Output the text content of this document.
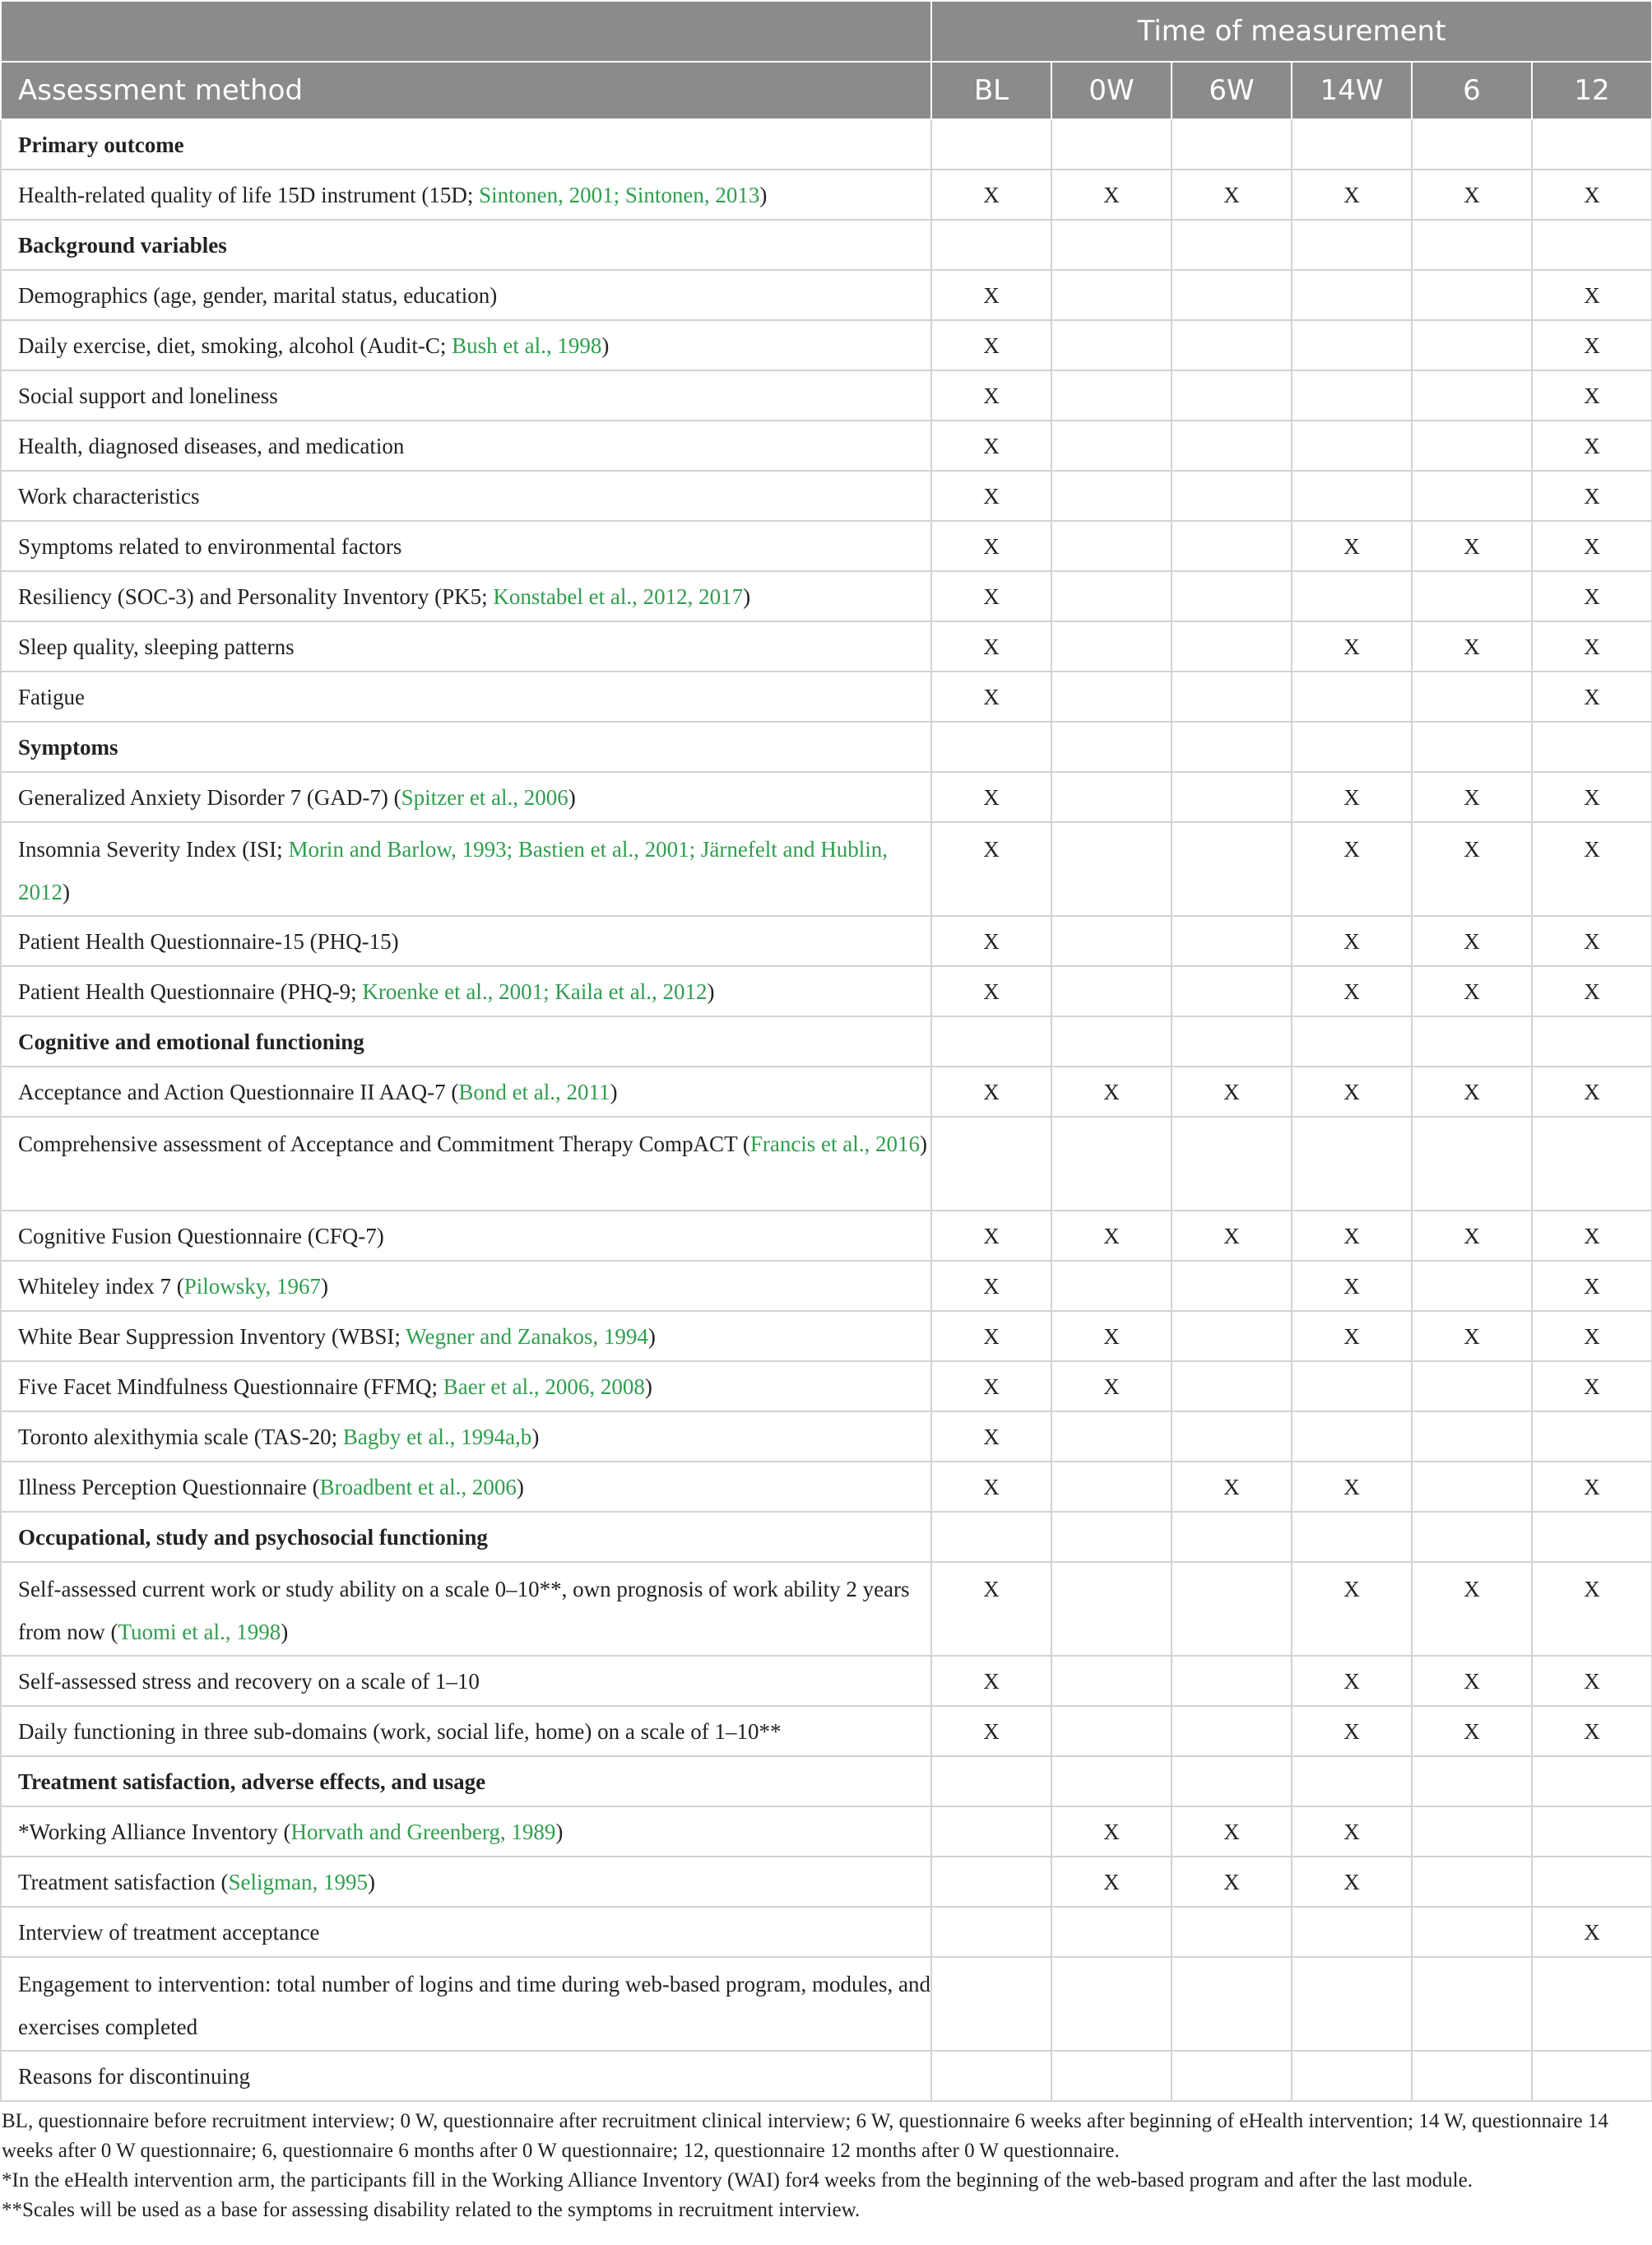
	Time of measurement					
Assessment method	BL	0W	6W	14W	6	12
Primary outcome						
Health-related quality of life 15D instrument (15D; Sintonen, 2001; Sintonen, 2013)	X	X	X	X	X	X
Background variables						
Demographics (age, gender, marital status, education)	X					X
Daily exercise, diet, smoking, alcohol (Audit-C; Bush et al., 1998)	X					X
Social support and loneliness	X					X
Health, diagnosed diseases, and medication	X					X
Work characteristics	X					X
Symptoms related to environmental factors	X			X	X	X
Resiliency (SOC-3) and Personality Inventory (PK5; Konstabel et al., 2012, 2017)	X					X
Sleep quality, sleeping patterns	X			X	X	X
Fatigue	X					X
Symptoms						
Generalized Anxiety Disorder 7 (GAD-7) (Spitzer et al., 2006)	X			X	X	X
Insomnia Severity Index (ISI; Morin and Barlow, 1993; Bastien et al., 2001; Järnefelt and Hublin, 2012)	X			X	X	X
Patient Health Questionnaire-15 (PHQ-15)	X			X	X	X
Patient Health Questionnaire (PHQ-9; Kroenke et al., 2001; Kaila et al., 2012)	X			X	X	X
Cognitive and emotional functioning						
Acceptance and Action Questionnaire II AAQ-7 (Bond et al., 2011)	X	X	X	X	X	X
Comprehensive assessment of Acceptance and Commitment Therapy CompACT (Francis et al., 2016)						
Cognitive Fusion Questionnaire (CFQ-7)	X	X	X	X	X	X
Whiteley index 7 (Pilowsky, 1967)	X			X		X
White Bear Suppression Inventory (WBSI; Wegner and Zanakos, 1994)	X	X		X	X	X
Five Facet Mindfulness Questionnaire (FFMQ; Baer et al., 2006, 2008)	X	X				X
Toronto alexithymia scale (TAS-20; Bagby et al., 1994a,b)	X					
Illness Perception Questionnaire (Broadbent et al., 2006)	X		X	X		X
Occupational, study and psychosocial functioning						
Self-assessed current work or study ability on a scale 0–10**, own prognosis of work ability 2 years from now (Tuomi et al., 1998)	X			X	X	X
Self-assessed stress and recovery on a scale of 1–10	X			X	X	X
Daily functioning in three sub-domains (work, social life, home) on a scale of 1–10**	X			X	X	X
Treatment satisfaction, adverse effects, and usage						
*Working Alliance Inventory (Horvath and Greenberg, 1989)		X	X	X		
Treatment satisfaction (Seligman, 1995)		X	X	X		
Interview of treatment acceptance						X
Engagement to intervention: total number of logins and time during web-based program, modules, and exercises completed						
Reasons for discontinuing						

BL, questionnaire before recruitment interview; 0 W, questionnaire after recruitment clinical interview; 6 W, questionnaire 6 weeks after beginning of eHealth intervention; 14 W, questionnaire 14 weeks after 0 W questionnaire; 6, questionnaire 6 months after 0 W questionnaire; 12, questionnaire 12 months after 0 W questionnaire.

*In the eHealth intervention arm, the participants fill in the Working Alliance Inventory (WAI) for4 weeks from the beginning of the web-based program and after the last module.

**Scales will be used as a base for assessing disability related to the symptoms in recruitment interview.
